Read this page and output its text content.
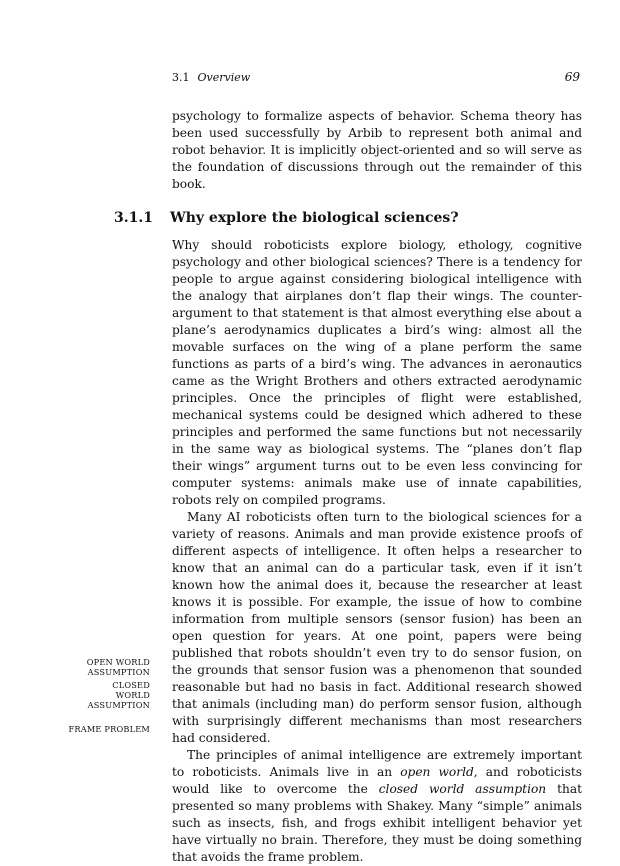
3.1 Overview	69

psychology to formalize aspects of behavior. Schema theory has been used successfully by Arbib to represent both animal and robot behavior. It is implicitly object-oriented and so will serve as the foundation of discussions through out the remainder of this book.

3.1.1 Why explore the biological sciences?

Why should roboticists explore biology, ethology, cognitive psychology and other biological sciences? There is a tendency for people to argue against considering biological intelligence with the analogy that airplanes don’t flap their wings. The counter-argument to that statement is that almost everything else about a plane’s aerodynamics duplicates a bird’s wing: almost all the movable surfaces on the wing of a plane perform the same functions as parts of a bird’s wing. The advances in aeronautics came as the Wright Brothers and others extracted aerodynamic principles. Once the principles of flight were established, mechanical systems could be designed which adhered to these principles and performed the same functions but not necessarily in the same way as biological systems. The “planes don’t flap their wings” argument turns out to be even less convincing for computer systems: animals make use of innate capabilities, robots rely on compiled programs.

Many AI roboticists often turn to the biological sciences for a variety of reasons. Animals and man provide existence proofs of different aspects of intelligence. It often helps a researcher to know that an animal can do a particular task, even if it isn’t known how the animal does it, because the researcher at least knows it is possible. For example, the issue of how to combine information from multiple sensors (sensor fusion) has been an open question for years. At one point, papers were being published that robots shouldn’t even try to do sensor fusion, on the grounds that sensor fusion was a phenomenon that sounded reasonable but had no basis in fact. Additional research showed that animals (including man) do perform sensor fusion, although with surprisingly different mechanisms than most researchers had considered.

The principles of animal intelligence are extremely important to roboticists. Animals live in an open world, and roboticists would like to overcome the closed world assumption that presented so many problems with Shakey. Many “simple” animals such as insects, fish, and frogs exhibit intelligent behavior yet have virtually no brain. Therefore, they must be doing something that avoids the frame problem.

OPEN WORLD ASSUMPTION
CLOSED WORLD ASSUMPTION
FRAME PROBLEM
